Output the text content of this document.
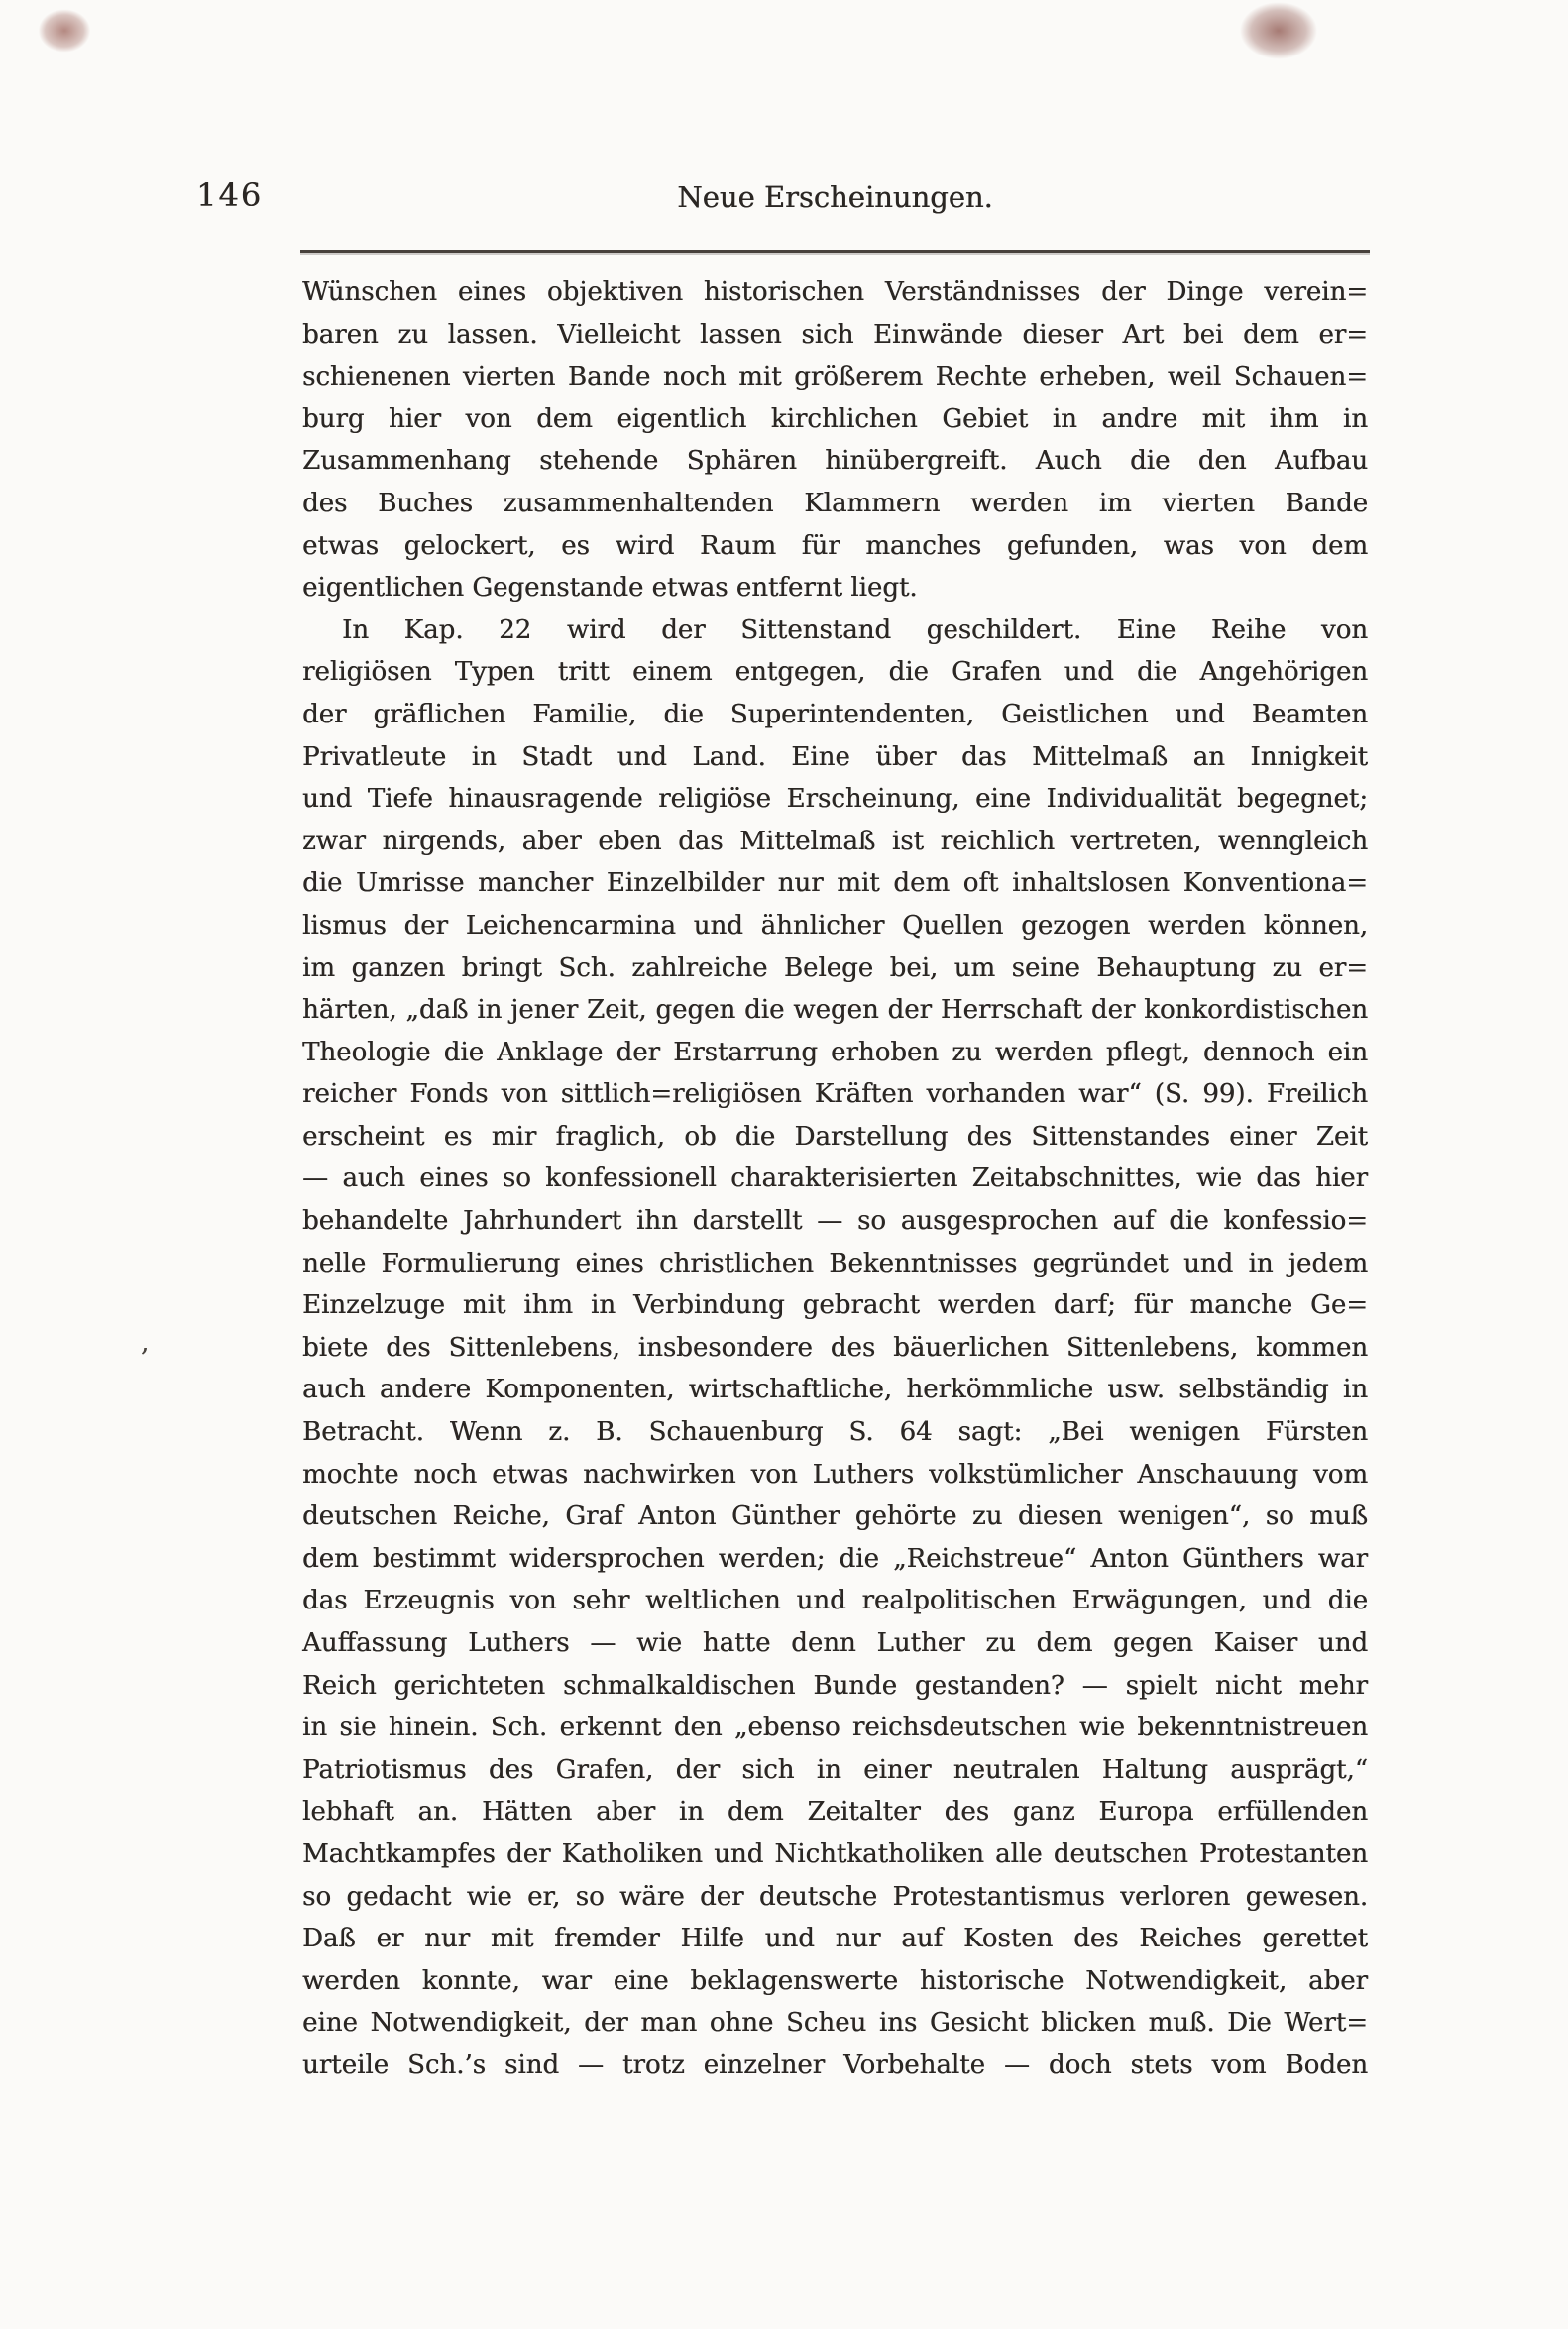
146	Neue Erscheinungen.
,
Wünschen eines objektiven historischen Verständnisses der Dinge verein=
baren zu lassen. Vielleicht lassen sich Einwände dieser Art bei dem er=
schienenen vierten Bande noch mit größerem Rechte erheben, weil Schauen=
burg hier von dem eigentlich kirchlichen Gebiet in andre mit ihm in
Zusammenhang stehende Sphären hinübergreift. Auch die den Aufbau
des Buches zusammenhaltenden Klammern werden im vierten Bande
etwas gelockert, es wird Raum für manches gefunden, was von dem
eigentlichen Gegenstande etwas entfernt liegt.
In Kap. 22 wird der Sittenstand geschildert. Eine Reihe von
religiösen Typen tritt einem entgegen, die Grafen und die Angehörigen
der gräflichen Familie, die Superintendenten, Geistlichen und Beamten
Privatleute in Stadt und Land. Eine über das Mittelmaß an Innigkeit
und Tiefe hinausragende religiöse Erscheinung, eine Individualität begegnet;
zwar nirgends, aber eben das Mittelmaß ist reichlich vertreten, wenngleich
die Umrisse mancher Einzelbilder nur mit dem oft inhaltslosen Konventiona=
lismus der Leichencarmina und ähnlicher Quellen gezogen werden können,
im ganzen bringt Sch. zahlreiche Belege bei, um seine Behauptung zu er=
härten, „daß in jener Zeit, gegen die wegen der Herrschaft der konkordistischen
Theologie die Anklage der Erstarrung erhoben zu werden pflegt, dennoch ein
reicher Fonds von sittlich=religiösen Kräften vorhanden war“ (S. 99). Freilich
erscheint es mir fraglich, ob die Darstellung des Sittenstandes einer Zeit
— auch eines so konfessionell charakterisierten Zeitabschnittes, wie das hier
behandelte Jahrhundert ihn darstellt — so ausgesprochen auf die konfessio=
nelle Formulierung eines christlichen Bekenntnisses gegründet und in jedem
Einzelzuge mit ihm in Verbindung gebracht werden darf; für manche Ge=
biete des Sittenlebens, insbesondere des bäuerlichen Sittenlebens, kommen
auch andere Komponenten, wirtschaftliche, herkömmliche usw. selbständig in
Betracht. Wenn z. B. Schauenburg S. 64 sagt: „Bei wenigen Fürsten
mochte noch etwas nachwirken von Luthers volkstümlicher Anschauung vom
deutschen Reiche, Graf Anton Günther gehörte zu diesen wenigen“, so muß
dem bestimmt widersprochen werden; die „Reichstreue“ Anton Günthers war
das Erzeugnis von sehr weltlichen und realpolitischen Erwägungen, und die
Auffassung Luthers — wie hatte denn Luther zu dem gegen Kaiser und
Reich gerichteten schmalkaldischen Bunde gestanden? — spielt nicht mehr
in sie hinein. Sch. erkennt den „ebenso reichsdeutschen wie bekenntnistreuen
Patriotismus des Grafen, der sich in einer neutralen Haltung ausprägt,“
lebhaft an. Hätten aber in dem Zeitalter des ganz Europa erfüllenden
Machtkampfes der Katholiken und Nichtkatholiken alle deutschen Protestanten
so gedacht wie er, so wäre der deutsche Protestantismus verloren gewesen.
Daß er nur mit fremder Hilfe und nur auf Kosten des Reiches gerettet
werden konnte, war eine beklagenswerte historische Notwendigkeit, aber
eine Notwendigkeit, der man ohne Scheu ins Gesicht blicken muß. Die Wert=
urteile Sch.’s sind — trotz einzelner Vorbehalte — doch stets vom Boden
